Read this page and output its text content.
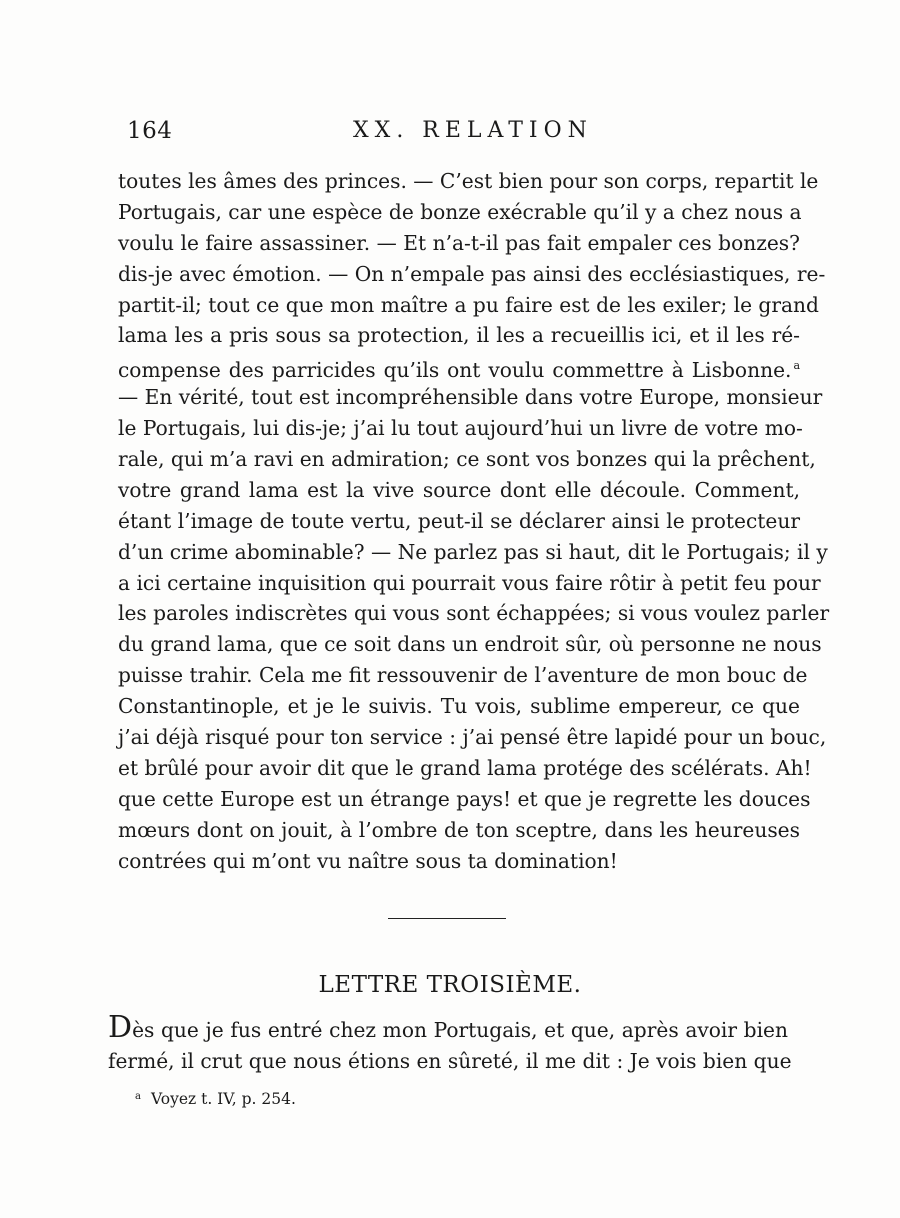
164	XX. RELATION
toutes les âmes des princes. — C’est bien pour son corps, repartit le
Portugais, car une espèce de bonze exécrable qu’il y a chez nous a
voulu le faire assassiner. — Et n’a-t-il pas fait empaler ces bonzes?
dis-je avec émotion. — On n’empale pas ainsi des ecclésiastiques, re-
partit-il; tout ce que mon maître a pu faire est de les exiler; le grand
lama les a pris sous sa protection, il les a recueillis ici, et il les ré-
compense des parricides qu’ils ont voulu commettre à Lisbonne. $^a$
— En vérité, tout est incompréhensible dans votre Europe, monsieur
le Portugais, lui dis-je; j’ai lu tout aujourd’hui un livre de votre mo-
rale, qui m’a ravi en admiration; ce sont vos bonzes qui la prêchent,
votre grand lama est la vive source dont elle découle. Comment,
étant l’image de toute vertu, peut-il se déclarer ainsi le protecteur
d’un crime abominable? — Ne parlez pas si haut, dit le Portugais; il y
a ici certaine inquisition qui pourrait vous faire rôtir à petit feu pour
les paroles indiscrètes qui vous sont échappées; si vous voulez parler
du grand lama, que ce soit dans un endroit sûr, où personne ne nous
puisse trahir. Cela me fit ressouvenir de l’aventure de mon bouc de
Constantinople, et je le suivis. Tu vois, sublime empereur, ce que
j’ai déjà risqué pour ton service : j’ai pensé être lapidé pour un bouc,
et brûlé pour avoir dit que le grand lama protége des scélérats. Ah!
que cette Europe est un étrange pays! et que je regrette les douces
mœurs dont on jouit, à l’ombre de ton sceptre, dans les heureuses
contrées qui m’ont vu naître sous ta domination!
LETTRE TROISIÈME.
Dès que je fus entré chez mon Portugais, et que, après avoir bien
fermé, il crut que nous étions en sûreté, il me dit : Je vois bien que
$^a$ Voyez t. IV, p. 254.
